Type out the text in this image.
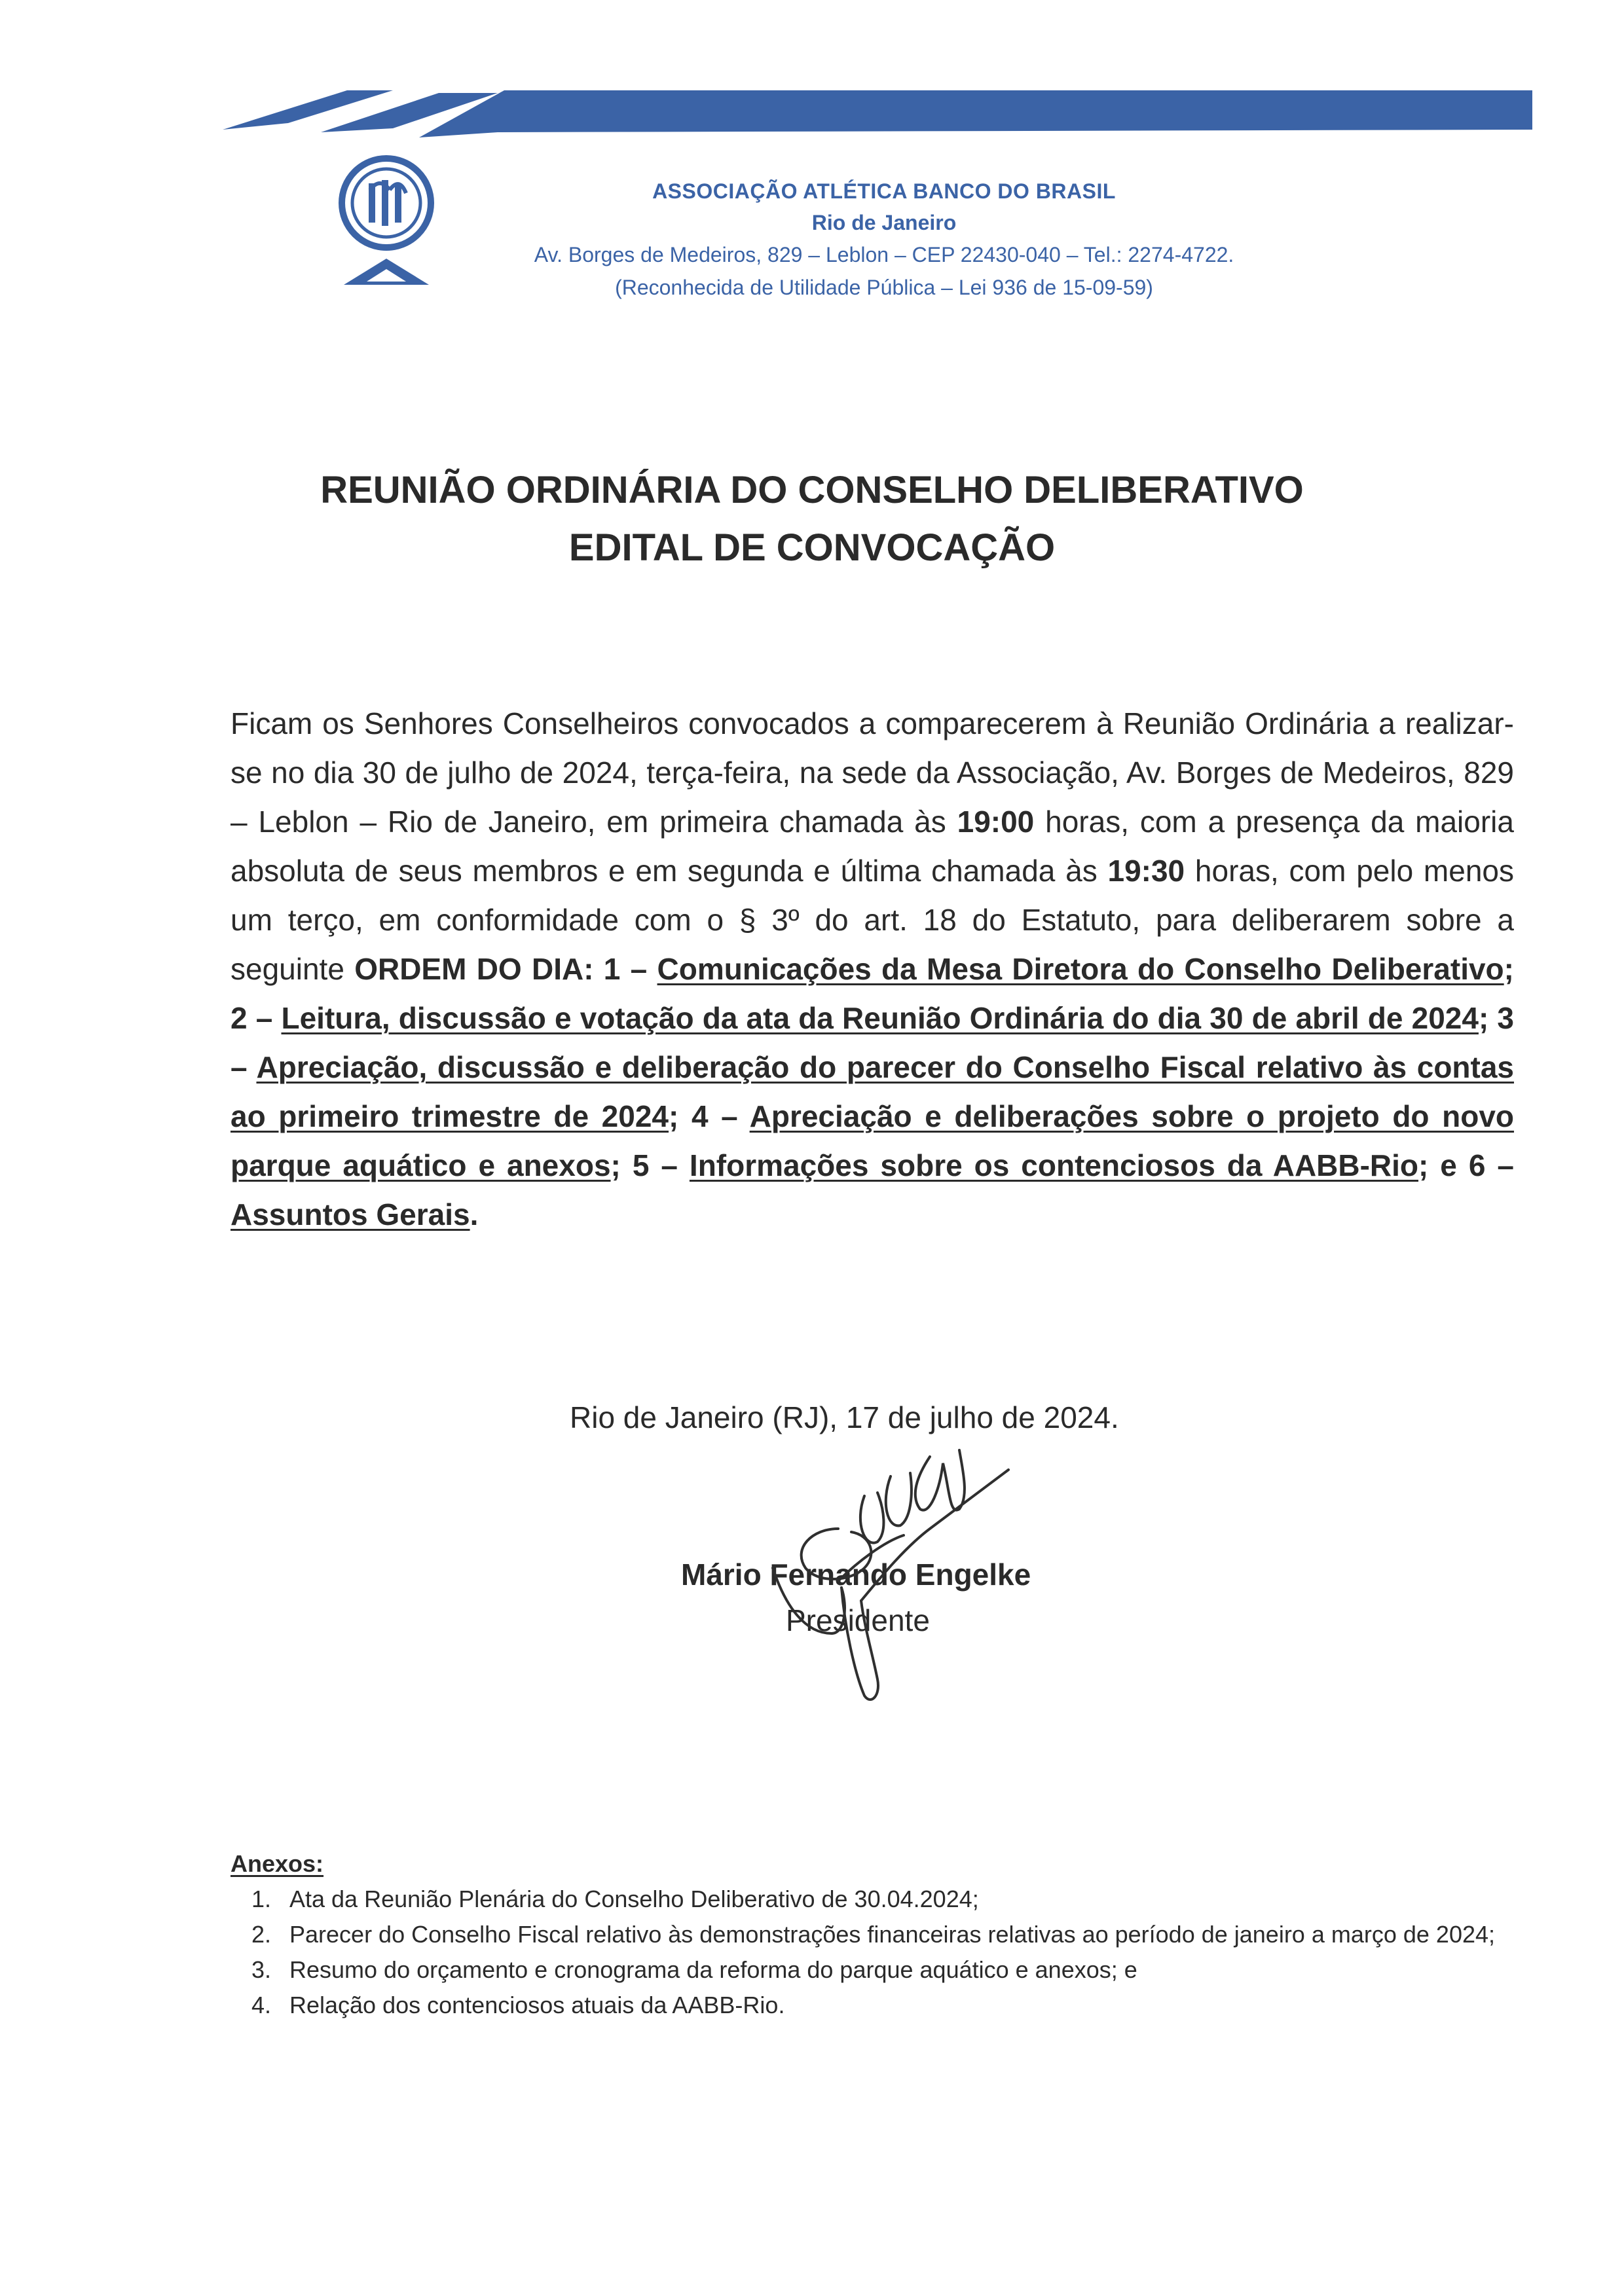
ASSOCIAÇÃO ATLÉTICA BANCO DO BRASIL
Rio de Janeiro
Av. Borges de Medeiros, 829 – Leblon – CEP 22430-040 – Tel.: 2274-4722.
(Reconhecida de Utilidade Pública – Lei 936 de 15-09-59)
REUNIÃO ORDINÁRIA DO CONSELHO DELIBERATIVO
EDITAL DE CONVOCAÇÃO
Ficam os Senhores Conselheiros convocados a comparecerem à Reunião Ordinária a realizar-se no dia 30 de julho de 2024, terça-feira, na sede da Associação, Av. Borges de Medeiros, 829 – Leblon – Rio de Janeiro, em primeira chamada às 19:00 horas, com a presença da maioria absoluta de seus membros e em segunda e última chamada às 19:30 horas, com pelo menos um terço, em conformidade com o § 3º do art. 18 do Estatuto, para deliberarem sobre a seguinte ORDEM DO DIA: 1 – Comunicações da Mesa Diretora do Conselho Deliberativo; 2 – Leitura, discussão e votação da ata da Reunião Ordinária do dia 30 de abril de 2024; 3 – Apreciação, discussão e deliberação do parecer do Conselho Fiscal relativo às contas ao primeiro trimestre de 2024; 4 – Apreciação e deliberações sobre o projeto do novo parque aquático e anexos; 5 – Informações sobre os contenciosos da AABB-Rio; e 6 – Assuntos Gerais.
Rio de Janeiro (RJ), 17 de julho de 2024.
Mário Fernando Engelke
Presidente
Anexos:
1. Ata da Reunião Plenária do Conselho Deliberativo de 30.04.2024;
2. Parecer do Conselho Fiscal relativo às demonstrações financeiras relativas ao período de janeiro a março de 2024;
3. Resumo do orçamento e cronograma da reforma do parque aquático e anexos; e
4. Relação dos contenciosos atuais da AABB-Rio.
